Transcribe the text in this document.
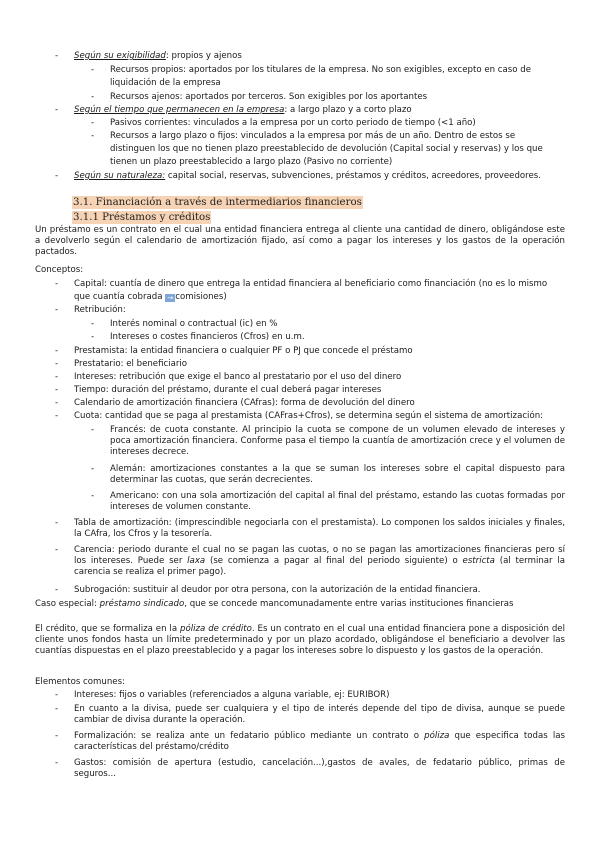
- Según su exigibilidad: propios y ajenos
- Recursos propios: aportados por los titulares de la empresa. No son exigibles, excepto en caso de
liquidación de la empresa
- Recursos ajenos: aportados por terceros. Son exigibles por los aportantes
- Según el tiempo que permanecen en la empresa: a largo plazo y a corto plazo
- Pasivos corrientes: vinculados a la empresa por un corto periodo de tiempo (<1 año)
- Recursos a largo plazo o fijos: vinculados a la empresa por más de un año. Dentro de estos se
distinguen los que no tienen plazo preestablecido de devolución (Capital social y reservas) y los que
tienen un plazo preestablecido a largo plazo (Pasivo no corriente)
- Según su naturaleza: capital social, reservas, subvenciones, préstamos y créditos, acreedores, proveedores.
3.1. Financiación a través de intermediarios financieros
3.1.1 Préstamos y créditos
Un préstamo es un contrato en el cual una entidad financiera entrega al cliente una cantidad de dinero, obligándose este a devolverlo según el calendario de amortización fijado, así como a pagar los intereses y los gastos de la operación pactados.
Conceptos:
- Capital: cuantía de dinero que entrega la entidad financiera al beneficiario como financiación (no es lo mismo
que cuantía cobrada → comisiones)
- Retribución:
- Interés nominal o contractual (ic) en %
- Intereses o costes financieros (Cfros) en u.m.
- Prestamista: la entidad financiera o cualquier PF o PJ que concede el préstamo
- Prestatario: el beneficiario
- Intereses: retribución que exige el banco al prestatario por el uso del dinero
- Tiempo: duración del préstamo, durante el cual deberá pagar intereses
- Calendario de amortización financiera (CAfras): forma de devolución del dinero
- Cuota: cantidad que se paga al prestamista (CAFras+Cfros), se determina según el sistema de amortización:
- Francés: de cuota constante. Al principio la cuota se compone de un volumen elevado de intereses y poca amortización financiera. Conforme pasa el tiempo la cuantía de amortización crece y el volumen de intereses decrece.
- Alemán: amortizaciones constantes a la que se suman los intereses sobre el capital dispuesto para determinar las cuotas, que serán decrecientes.
- Americano: con una sola amortización del capital al final del préstamo, estando las cuotas formadas por intereses de volumen constante.
- Tabla de amortización: (imprescindible negociarla con el prestamista). Lo componen los saldos iniciales y finales, la CAfra, los Cfros y la tesorería.
- Carencia: periodo durante el cual no se pagan las cuotas, o no se pagan las amortizaciones financieras pero sí los intereses. Puede ser laxa (se comienza a pagar al final del periodo siguiente) o estricta (al terminar la carencia se realiza el primer pago).
- Subrogación: sustituir al deudor por otra persona, con la autorización de la entidad financiera.
Caso especial: préstamo sindicado, que se concede mancomunadamente entre varias instituciones financieras
El crédito, que se formaliza en la póliza de crédito. Es un contrato en el cual una entidad financiera pone a disposición del cliente unos fondos hasta un límite predeterminado y por un plazo acordado, obligándose el beneficiario a devolver las cuantías dispuestas en el plazo preestablecido y a pagar los intereses sobre lo dispuesto y los gastos de la operación.
Elementos comunes:
- Intereses: fijos o variables (referenciados a alguna variable, ej: EURIBOR)
- En cuanto a la divisa, puede ser cualquiera y el tipo de interés depende del tipo de divisa, aunque se puede cambiar de divisa durante la operación.
- Formalización: se realiza ante un fedatario público mediante un contrato o póliza que especifica todas las características del préstamo/crédito
- Gastos: comisión de apertura (estudio, cancelación...),gastos de avales, de fedatario público, primas de seguros...
